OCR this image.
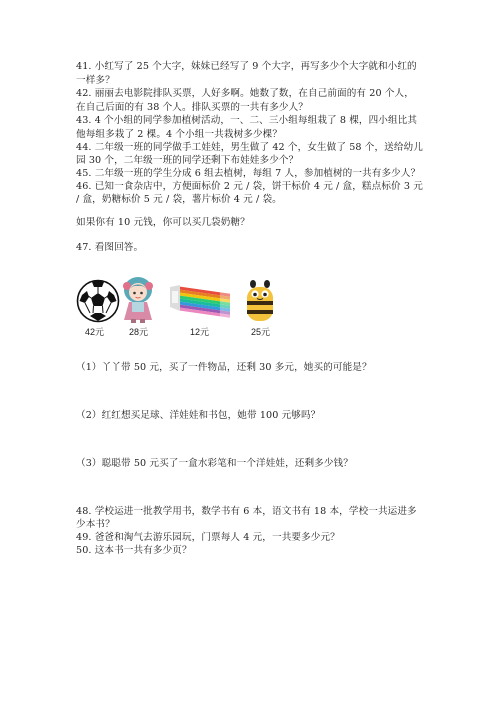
41. 小红写了 25 个大字，妹妹已经写了 9 个大字，再写多少个大字就和小红的
一样多？
42. 丽丽去电影院排队买票，人好多啊。她数了数，在自己前面的有 20 个人，
在自己后面的有 38 个人。排队买票的一共有多少人？
43. 4 个小组的同学参加植树活动，一、二、三小组每组栽了 8 棵，四小组比其
他每组多栽了 2 棵。4 个小组一共栽树多少棵？
44. 二年级一班的同学做手工娃娃，男生做了 42 个，女生做了 58 个，送给幼儿
园 30 个，二年级一班的同学还剩下布娃娃多少个？
45. 二年级一班的学生分成 6 组去植树，每组 7 人，参加植树的一共有多少人？
46. 已知一食杂店中，方便面标价 2 元 / 袋，饼干标价 4 元 / 盒，糕点标价 3 元
/ 盒，奶糖标价 5 元 / 袋，薯片标价 4 元 / 袋。
如果你有 10 元钱，你可以买几袋奶糖？
47. 看图回答。
42元	28元	12元	25元
（1）丫丫带 50 元，买了一件物品，还剩 30 多元，她买的可能是？
（2）红红想买足球、洋娃娃和书包，她带 100 元够吗？
（3）聪聪带 50 元买了一盒水彩笔和一个洋娃娃，还剩多少钱？
48. 学校运进一批教学用书，数学书有 6 本，语文书有 18 本，学校一共运进多
少本书？
49. 爸爸和淘气去游乐园玩，门票每人 4 元，一共要多少元？
50. 这本书一共有多少页？
